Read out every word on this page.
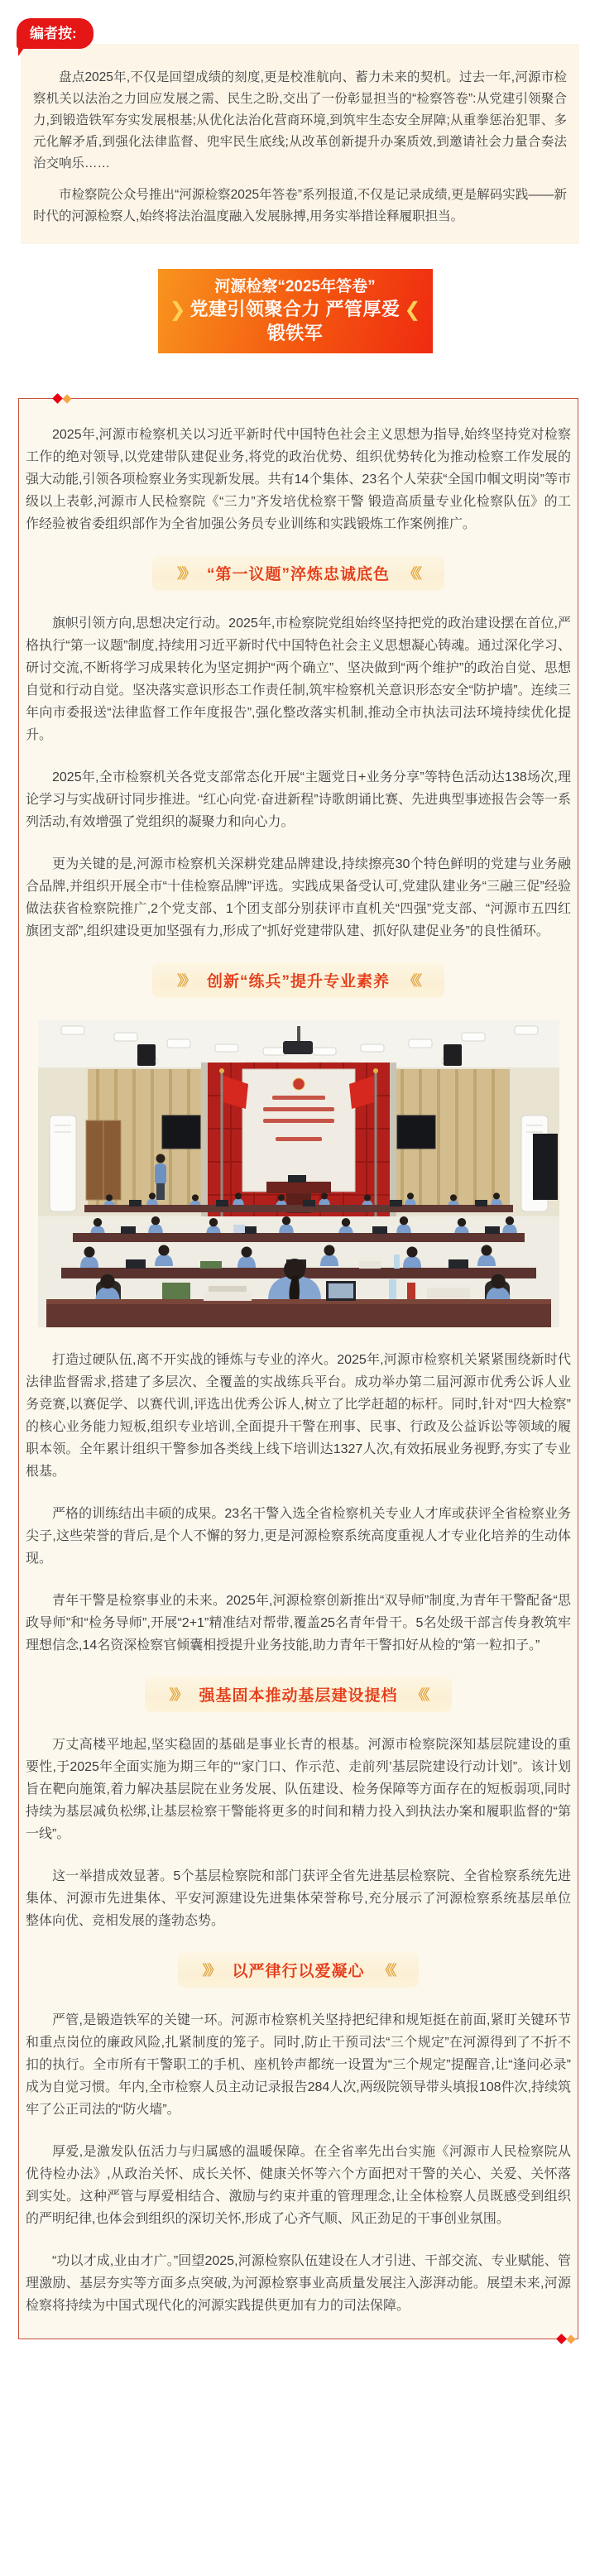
编者按:

盘点2025年,不仅是回望成绩的刻度,更是校准航向、蓄力未来的契机。过去一年,河源市检察机关以法治之力回应发展之需、民生之盼,交出了一份彰显担当的“检察答卷”:从党建引领聚合力,到锻造铁军夯实发展根基;从优化法治化营商环境,到筑牢生态安全屏障;从重拳惩治犯罪、多元化解矛盾,到强化法律监督、兜牢民生底线;从改革创新提升办案质效,到邀请社会力量合奏法治交响乐……

市检察院公众号推出“河源检察2025年答卷”系列报道,不仅是记录成绩,更是解码实践——新时代的河源检察人,始终将法治温度融入发展脉搏,用务实举措诠释履职担当。

❯
河源检察“2025年答卷”
党建引领聚合力 严管厚爱锻铁军
❮

2025年,河源市检察机关以习近平新时代中国特色社会主义思想为指导,始终坚持党对检察工作的绝对领导,以党建带队建促业务,将党的政治优势、组织优势转化为推动检察工作发展的强大动能,引领各项检察业务实现新发展。共有14个集体、23名个人荣获“全国巾帼文明岗”等市级以上表彰,河源市人民检察院《“三力”齐发培优检察干警 锻造高质量专业化检察队伍》的工作经验被省委组织部作为全省加强公务员专业训练和实践锻炼工作案例推广。

》》 “第一议题”淬炼忠诚底色 《《

旗帜引领方向,思想决定行动。2025年,市检察院党组始终坚持把党的政治建设摆在首位,严格执行“第一议题”制度,持续用习近平新时代中国特色社会主义思想凝心铸魂。通过深化学习、研讨交流,不断将学习成果转化为坚定拥护“两个确立”、坚决做到“两个维护”的政治自觉、思想自觉和行动自觉。坚决落实意识形态工作责任制,筑牢检察机关意识形态安全“防护墙”。连续三年向市委报送“法律监督工作年度报告”,强化整改落实机制,推动全市执法司法环境持续优化提升。

2025年,全市检察机关各党支部常态化开展“主题党日+业务分享”等特色活动达138场次,理论学习与实战研讨同步推进。“红心向党·奋进新程”诗歌朗诵比赛、先进典型事迹报告会等一系列活动,有效增强了党组织的凝聚力和向心力。

更为关键的是,河源市检察机关深耕党建品牌建设,持续擦亮30个特色鲜明的党建与业务融合品牌,并组织开展全市“十佳检察品牌”评选。实践成果备受认可,党建队建业务“三融三促”经验做法获省检察院推广,2个党支部、1个团支部分别获评市直机关“四强”党支部、“河源市五四红旗团支部”,组织建设更加坚强有力,形成了“抓好党建带队建、抓好队建促业务”的良性循环。

》》 创新“练兵”提升专业素养 《《

打造过硬队伍,离不开实战的锤炼与专业的淬火。2025年,河源市检察机关紧紧围绕新时代法律监督需求,搭建了多层次、全覆盖的实战练兵平台。成功举办第二届河源市优秀公诉人业务竞赛,以赛促学、以赛代训,评选出优秀公诉人,树立了比学赶超的标杆。同时,针对“四大检察”的核心业务能力短板,组织专业培训,全面提升干警在刑事、民事、行政及公益诉讼等领域的履职本领。全年累计组织干警参加各类线上线下培训达1327人次,有效拓展业务视野,夯实了专业根基。

严格的训练结出丰硕的成果。23名干警入选全省检察机关专业人才库或获评全省检察业务尖子,这些荣誉的背后,是个人不懈的努力,更是河源检察系统高度重视人才专业化培养的生动体现。

青年干警是检察事业的未来。2025年,河源检察创新推出“双导师”制度,为青年干警配备“思政导师”和“检务导师”,开展“2+1”精准结对帮带,覆盖25名青年骨干。5名处级干部言传身教筑牢理想信念,14名资深检察官倾囊相授提升业务技能,助力青年干警扣好从检的“第一粒扣子。”

》》 强基固本推动基层建设提档 《《

万丈高楼平地起,坚实稳固的基础是事业长青的根基。河源市检察院深知基层院建设的重要性,于2025年全面实施为期三年的“‘家门口、作示范、走前列’基层院建设行动计划”。该计划旨在靶向施策,着力解决基层院在业务发展、队伍建设、检务保障等方面存在的短板弱项,同时持续为基层减负松绑,让基层检察干警能将更多的时间和精力投入到执法办案和履职监督的“第一线”。

这一举措成效显著。5个基层检察院和部门获评全省先进基层检察院、全省检察系统先进集体、河源市先进集体、平安河源建设先进集体荣誉称号,充分展示了河源检察系统基层单位整体向优、竞相发展的蓬勃态势。

》》 以严律行以爱凝心 《《

严管,是锻造铁军的关键一环。河源市检察机关坚持把纪律和规矩挺在前面,紧盯关键环节和重点岗位的廉政风险,扎紧制度的笼子。同时,防止干预司法“三个规定”在河源得到了不折不扣的执行。全市所有干警职工的手机、座机铃声都统一设置为“三个规定”提醒音,让“逢问必录”成为自觉习惯。年内,全市检察人员主动记录报告284人次,两级院领导带头填报108件次,持续筑牢了公正司法的“防火墙”。

厚爱,是激发队伍活力与归属感的温暖保障。在全省率先出台实施《河源市人民检察院从优待检办法》,从政治关怀、成长关怀、健康关怀等六个方面把对干警的关心、关爱、关怀落到实处。这种严管与厚爱相结合、激励与约束并重的管理理念,让全体检察人员既感受到组织的严明纪律,也体会到组织的深切关怀,形成了心齐气顺、风正劲足的干事创业氛围。

“功以才成,业由才广。”回望2025,河源检察队伍建设在人才引进、干部交流、专业赋能、管理激励、基层夯实等方面多点突破,为河源检察事业高质量发展注入澎湃动能。展望未来,河源检察将持续为中国式现代化的河源实践提供更加有力的司法保障。
